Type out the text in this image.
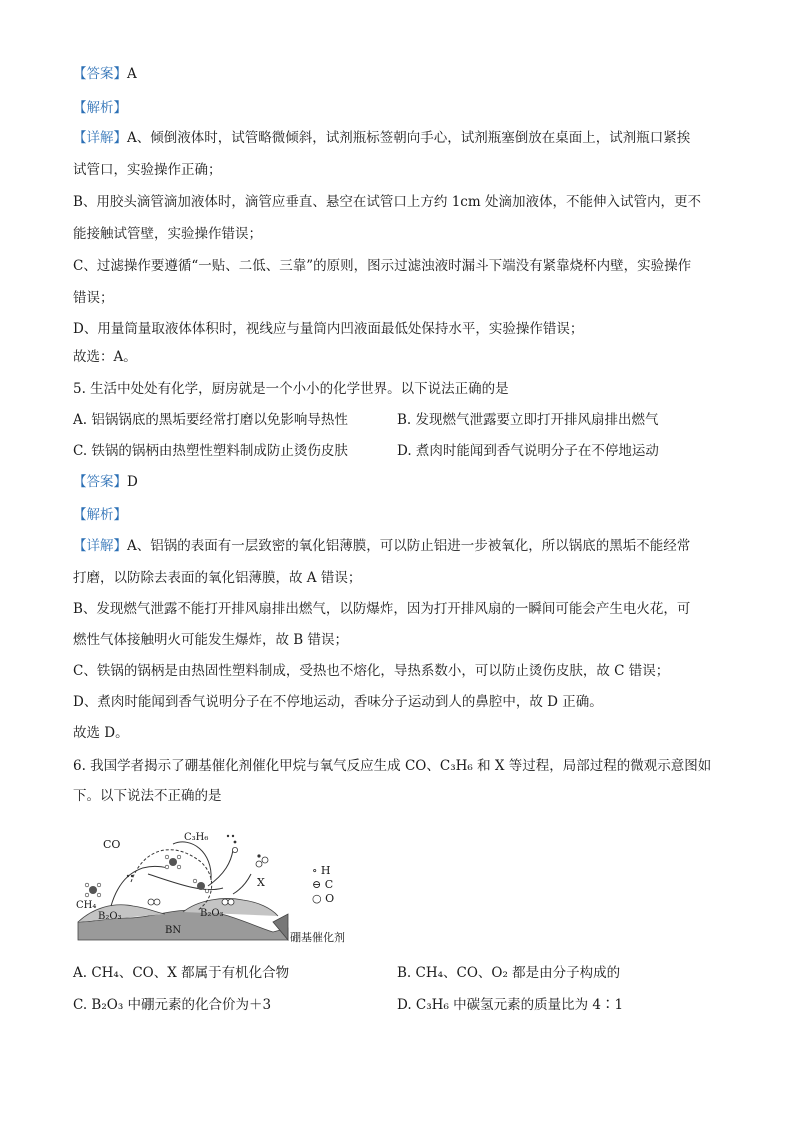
【答案】A
【解析】
【详解】A、倾倒液体时，试管略微倾斜，试剂瓶标签朝向手心，试剂瓶塞倒放在桌面上，试剂瓶口紧挨
试管口，实验操作正确；
B、用胶头滴管滴加液体时，滴管应垂直、悬空在试管口上方约 1cm 处滴加液体，不能伸入试管内，更不
能接触试管壁，实验操作错误；
C、过滤操作要遵循“一贴、二低、三靠”的原则，图示过滤浊液时漏斗下端没有紧靠烧杯内壁，实验操作
错误；
D、用量筒量取液体体积时，视线应与量筒内凹液面最低处保持水平，实验操作错误；
故选：A。
5. 生活中处处有化学，厨房就是一个小小的化学世界。以下说法正确的是
A. 铝锅锅底的黑垢要经常打磨以免影响导热性	B. 发现燃气泄露要立即打开排风扇排出燃气
C. 铁锅的锅柄由热塑性塑料制成防止烫伤皮肤	D. 煮肉时能闻到香气说明分子在不停地运动
【答案】D
【解析】
【详解】A、铝锅的表面有一层致密的氧化铝薄膜，可以防止铝进一步被氧化，所以锅底的黑垢不能经常
打磨，以防除去表面的氧化铝薄膜，故 A 错误；
B、发现燃气泄露不能打开排风扇排出燃气，以防爆炸，因为打开排风扇的一瞬间可能会产生电火花，可
燃性气体接触明火可能发生爆炸，故 B 错误；
C、铁锅的锅柄是由热固性塑料制成，受热也不熔化，导热系数小，可以防止烫伤皮肤，故 C 错误；
D、煮肉时能闻到香气说明分子在不停地运动，香味分子运动到人的鼻腔中，故 D 正确。
故选 D。
6. 我国学者揭示了硼基催化剂催化甲烷与氧气反应生成 CO、C₃H₆ 和 X 等过程，局部过程的微观示意图如
下。以下说法不正确的是
CO
C₃H₆
X
CH₄
B₂O₃	B₂O₃
BN
硼基催化剂
∘ H
⊖ C
○ O
A. CH₄、CO、X 都属于有机化合物	B. CH₄、CO、O₂ 都是由分子构成的
C. B₂O₃ 中硼元素的化合价为＋3	D. C₃H₆ 中碳氢元素的质量比为 4∶1
